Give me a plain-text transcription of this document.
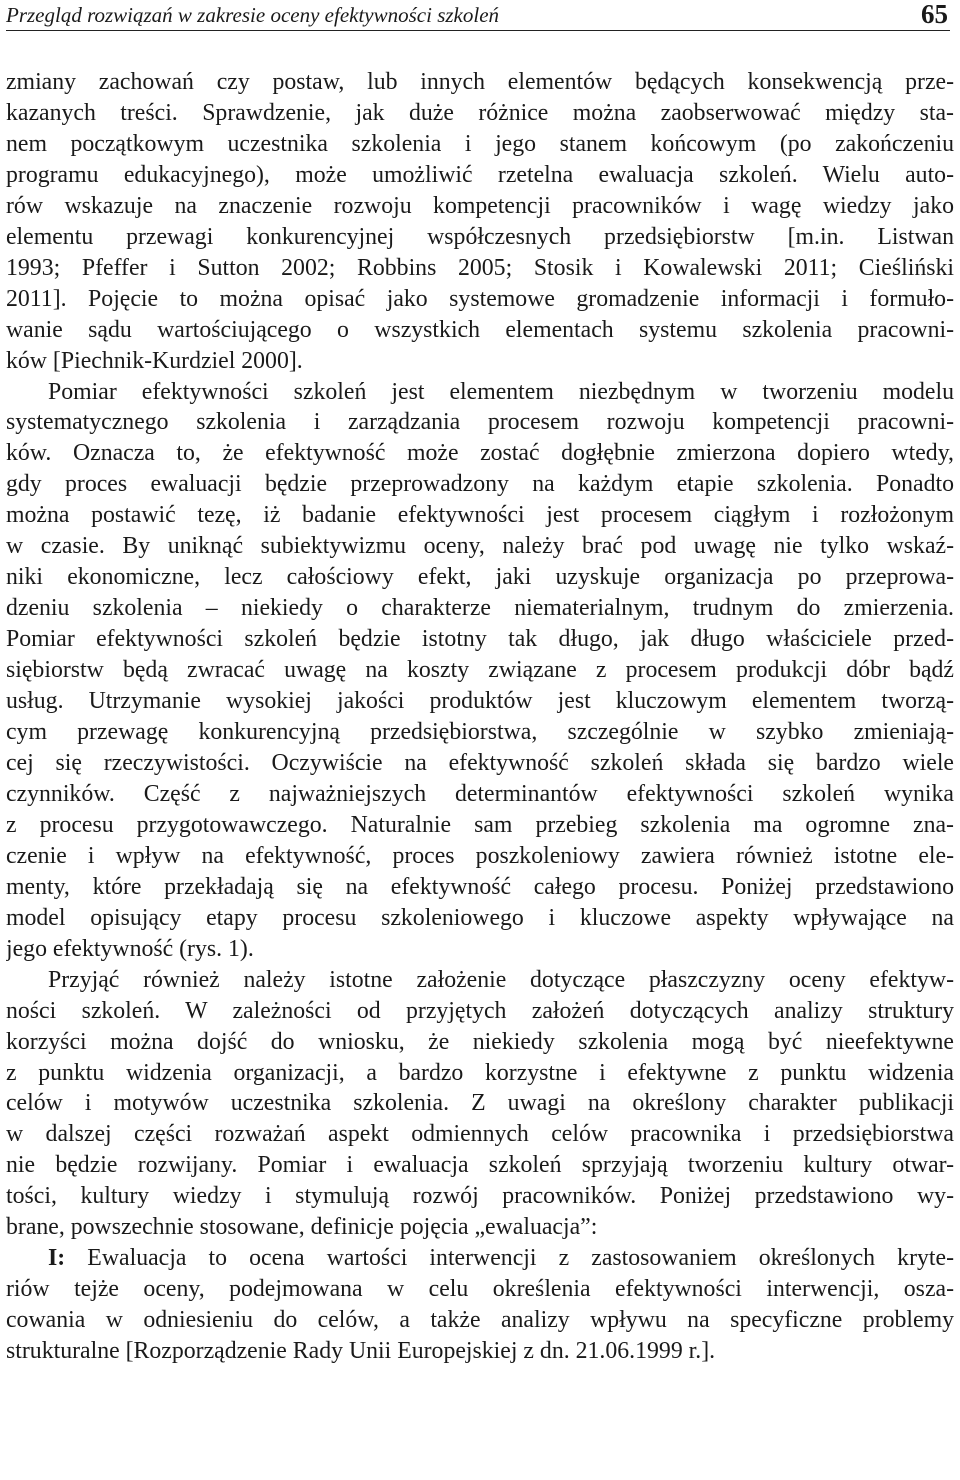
Przegląd rozwiązań w zakresie oceny efektywności szkoleń	65
zmiany zachowań czy postaw, lub innych elementów będących konsekwencją prze-
kazanych treści. Sprawdzenie, jak duże różnice można zaobserwować między sta-
nem początkowym uczestnika szkolenia i jego stanem końcowym (po zakończeniu
programu edukacyjnego), może umożliwić rzetelna ewaluacja szkoleń. Wielu auto-
rów wskazuje na znaczenie rozwoju kompetencji pracowników i wagę wiedzy jako
elementu przewagi konkurencyjnej współczesnych przedsiębiorstw [m.in. Listwan
1993; Pfeffer i Sutton 2002; Robbins 2005; Stosik i Kowalewski 2011; Cieśliński
2011]. Pojęcie to można opisać jako systemowe gromadzenie informacji i formuło-
wanie sądu wartościującego o wszystkich elementach systemu szkolenia pracowni-
ków [Piechnik-Kurdziel 2000].
Pomiar efektywności szkoleń jest elementem niezbędnym w tworzeniu modelu
systematycznego szkolenia i zarządzania procesem rozwoju kompetencji pracowni-
ków. Oznacza to, że efektywność może zostać dogłębnie zmierzona dopiero wtedy,
gdy proces ewaluacji będzie przeprowadzony na każdym etapie szkolenia. Ponadto
można postawić tezę, iż badanie efektywności jest procesem ciągłym i rozłożonym
w czasie. By uniknąć subiektywizmu oceny, należy brać pod uwagę nie tylko wskaź-
niki ekonomiczne, lecz całościowy efekt, jaki uzyskuje organizacja po przeprowa-
dzeniu szkolenia – niekiedy o charakterze niematerialnym, trudnym do zmierzenia.
Pomiar efektywności szkoleń będzie istotny tak długo, jak długo właściciele przed-
siębiorstw będą zwracać uwagę na koszty związane z procesem produkcji dóbr bądź
usług. Utrzymanie wysokiej jakości produktów jest kluczowym elementem tworzą-
cym przewagę konkurencyjną przedsiębiorstwa, szczególnie w szybko zmieniają-
cej się rzeczywistości. Oczywiście na efektywność szkoleń składa się bardzo wiele
czynników. Część z najważniejszych determinantów efektywności szkoleń wynika
z procesu przygotowawczego. Naturalnie sam przebieg szkolenia ma ogromne zna-
czenie i wpływ na efektywność, proces poszkoleniowy zawiera również istotne ele-
menty, które przekładają się na efektywność całego procesu. Poniżej przedstawiono
model opisujący etapy procesu szkoleniowego i kluczowe aspekty wpływające na
jego efektywność (rys. 1).
Przyjąć również należy istotne założenie dotyczące płaszczyzny oceny efektyw-
ności szkoleń. W zależności od przyjętych założeń dotyczących analizy struktury
korzyści można dojść do wniosku, że niekiedy szkolenia mogą być nieefektywne
z punktu widzenia organizacji, a bardzo korzystne i efektywne z punktu widzenia
celów i motywów uczestnika szkolenia. Z uwagi na określony charakter publikacji
w dalszej części rozważań aspekt odmiennych celów pracownika i przedsiębiorstwa
nie będzie rozwijany. Pomiar i ewaluacja szkoleń sprzyjają tworzeniu kultury otwar-
tości, kultury wiedzy i stymulują rozwój pracowników. Poniżej przedstawiono wy-
brane, powszechnie stosowane, definicje pojęcia „ewaluacja”:
I: Ewaluacja to ocena wartości interwencji z zastosowaniem określonych kryte-
riów tejże oceny, podejmowana w celu określenia efektywności interwencji, osza-
cowania w odniesieniu do celów, a także analizy wpływu na specyficzne problemy
strukturalne [Rozporządzenie Rady Unii Europejskiej z dn. 21.06.1999 r.].
